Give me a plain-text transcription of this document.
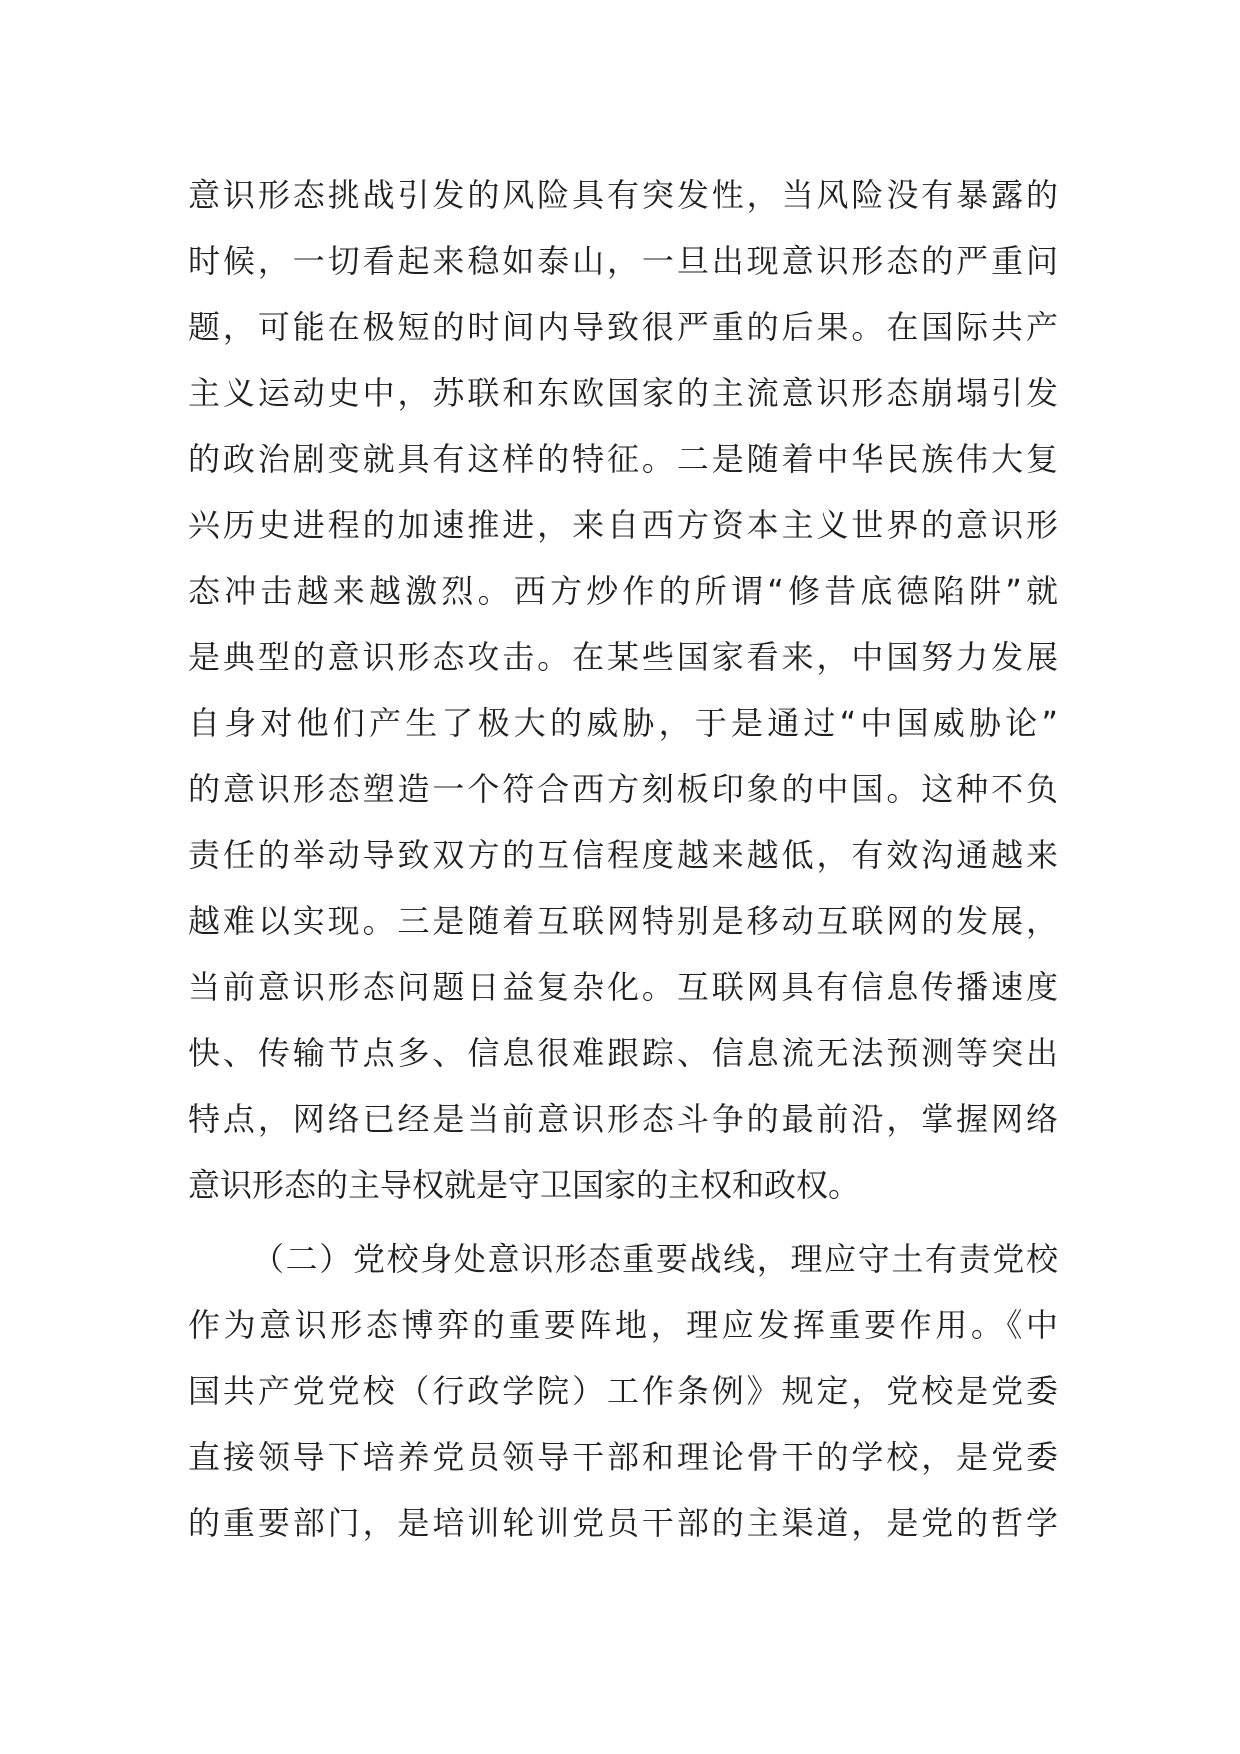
意识形态挑战引发的风险具有突发性，当风险没有暴露的
时候，一切看起来稳如泰山，一旦出现意识形态的严重问
题，可能在极短的时间内导致很严重的后果。在国际共产
主义运动史中，苏联和东欧国家的主流意识形态崩塌引发
的政治剧变就具有这样的特征。二是随着中华民族伟大复
兴历史进程的加速推进，来自西方资本主义世界的意识形
态冲击越来越激烈。西方炒作的所谓“修昔底德陷阱”就
是典型的意识形态攻击。在某些国家看来，中国努力发展
自身对他们产生了极大的威胁，于是通过“中国威胁论”
的意识形态塑造一个符合西方刻板印象的中国。这种不负
责任的举动导致双方的互信程度越来越低，有效沟通越来
越难以实现。三是随着互联网特别是移动互联网的发展，
当前意识形态问题日益复杂化。互联网具有信息传播速度
快、传输节点多、信息很难跟踪、信息流无法预测等突出
特点，网络已经是当前意识形态斗争的最前沿，掌握网络
意识形态的主导权就是守卫国家的主权和政权。
（二）党校身处意识形态重要战线，理应守土有责党校
作为意识形态博弈的重要阵地，理应发挥重要作用。《中
国共产党党校（行政学院）工作条例》规定，党校是党委
直接领导下培养党员领导干部和理论骨干的学校，是党委
的重要部门，是培训轮训党员干部的主渠道，是党的哲学
